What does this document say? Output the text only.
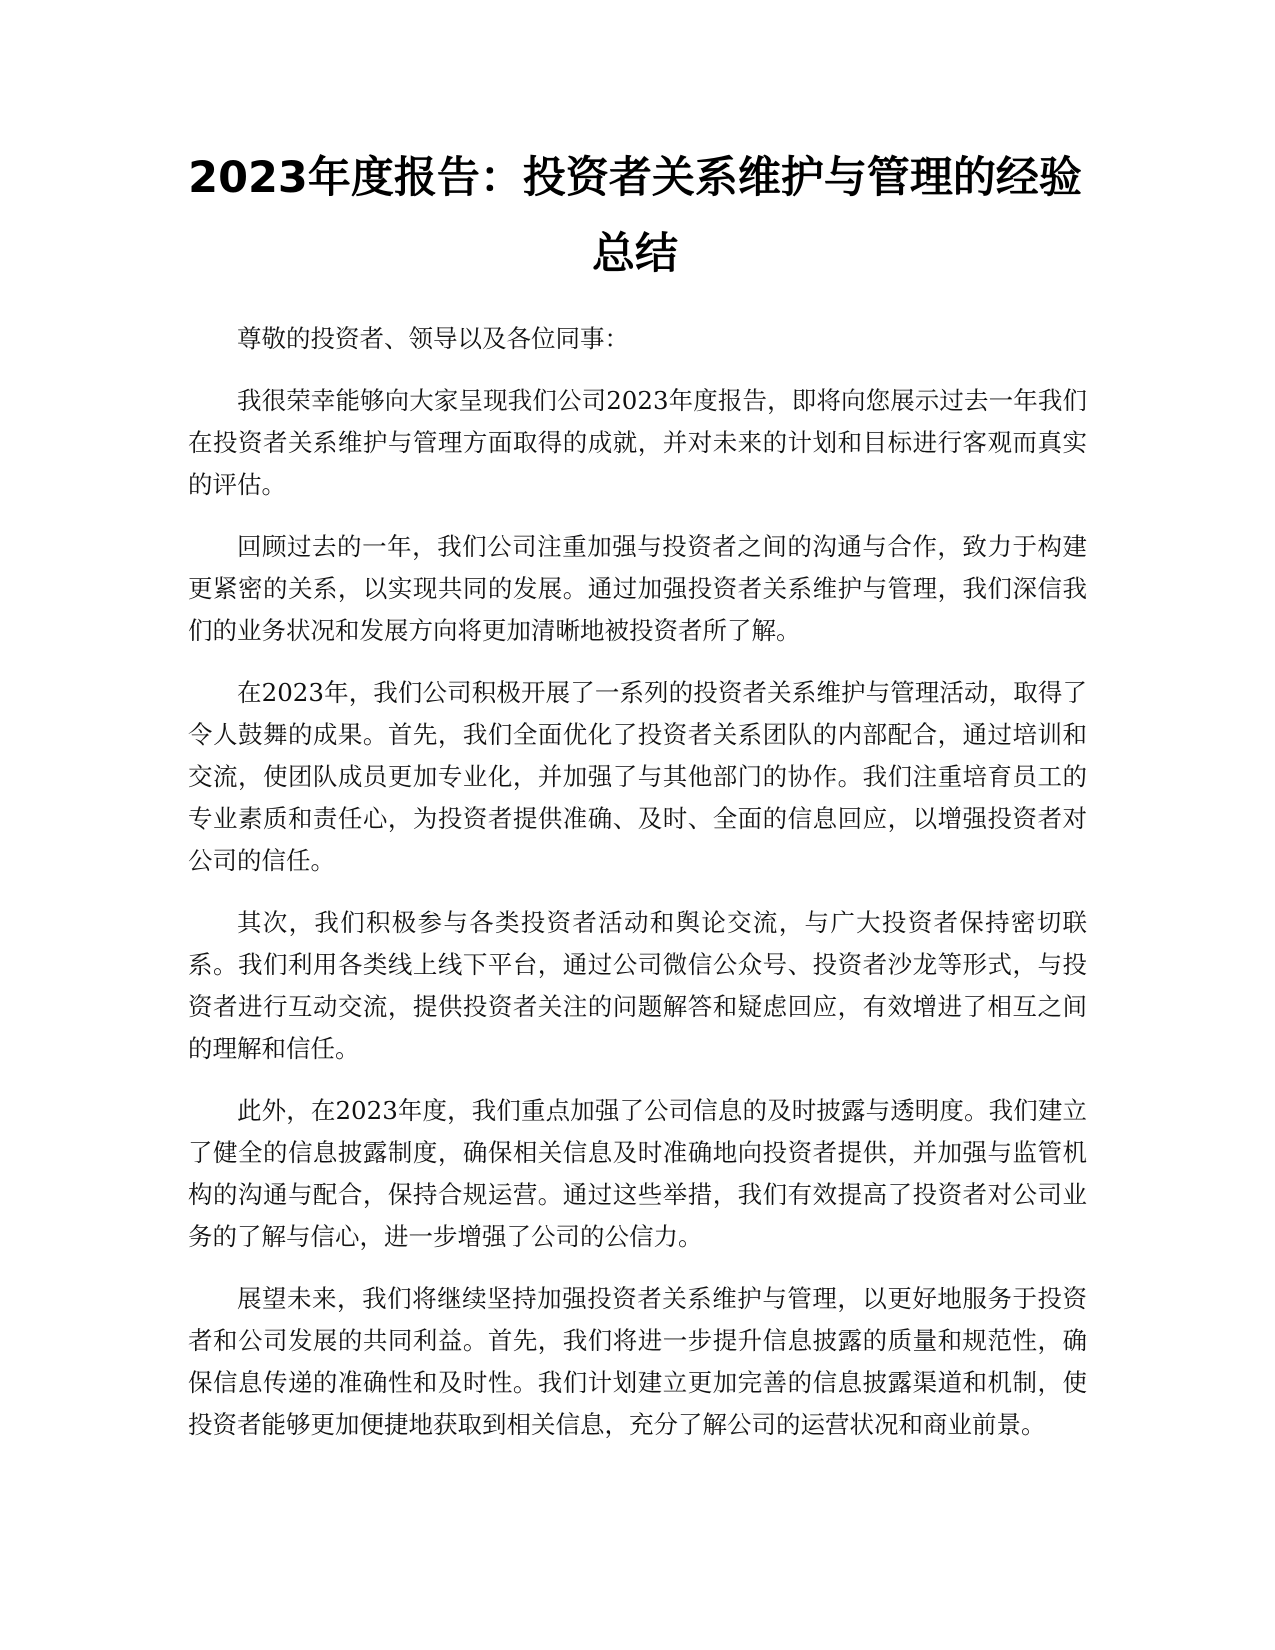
2023年度报告：投资者关系维护与管理的经验总结

尊敬的投资者、领导以及各位同事：

我很荣幸能够向大家呈现我们公司2023年度报告，即将向您展示过去一年我们在投资者关系维护与管理方面取得的成就，并对未来的计划和目标进行客观而真实的评估。

回顾过去的一年，我们公司注重加强与投资者之间的沟通与合作，致力于构建更紧密的关系，以实现共同的发展。通过加强投资者关系维护与管理，我们深信我们的业务状况和发展方向将更加清晰地被投资者所了解。

在2023年，我们公司积极开展了一系列的投资者关系维护与管理活动，取得了令人鼓舞的成果。首先，我们全面优化了投资者关系团队的内部配合，通过培训和交流，使团队成员更加专业化，并加强了与其他部门的协作。我们注重培育员工的专业素质和责任心，为投资者提供准确、及时、全面的信息回应，以增强投资者对公司的信任。

其次，我们积极参与各类投资者活动和舆论交流，与广大投资者保持密切联系。我们利用各类线上线下平台，通过公司微信公众号、投资者沙龙等形式，与投资者进行互动交流，提供投资者关注的问题解答和疑虑回应，有效增进了相互之间的理解和信任。

此外，在2023年度，我们重点加强了公司信息的及时披露与透明度。我们建立了健全的信息披露制度，确保相关信息及时准确地向投资者提供，并加强与监管机构的沟通与配合，保持合规运营。通过这些举措，我们有效提高了投资者对公司业务的了解与信心，进一步增强了公司的公信力。

展望未来，我们将继续坚持加强投资者关系维护与管理，以更好地服务于投资者和公司发展的共同利益。首先，我们将进一步提升信息披露的质量和规范性，确保信息传递的准确性和及时性。我们计划建立更加完善的信息披露渠道和机制，使投资者能够更加便捷地获取到相关信息，充分了解公司的运营状况和商业前景。
